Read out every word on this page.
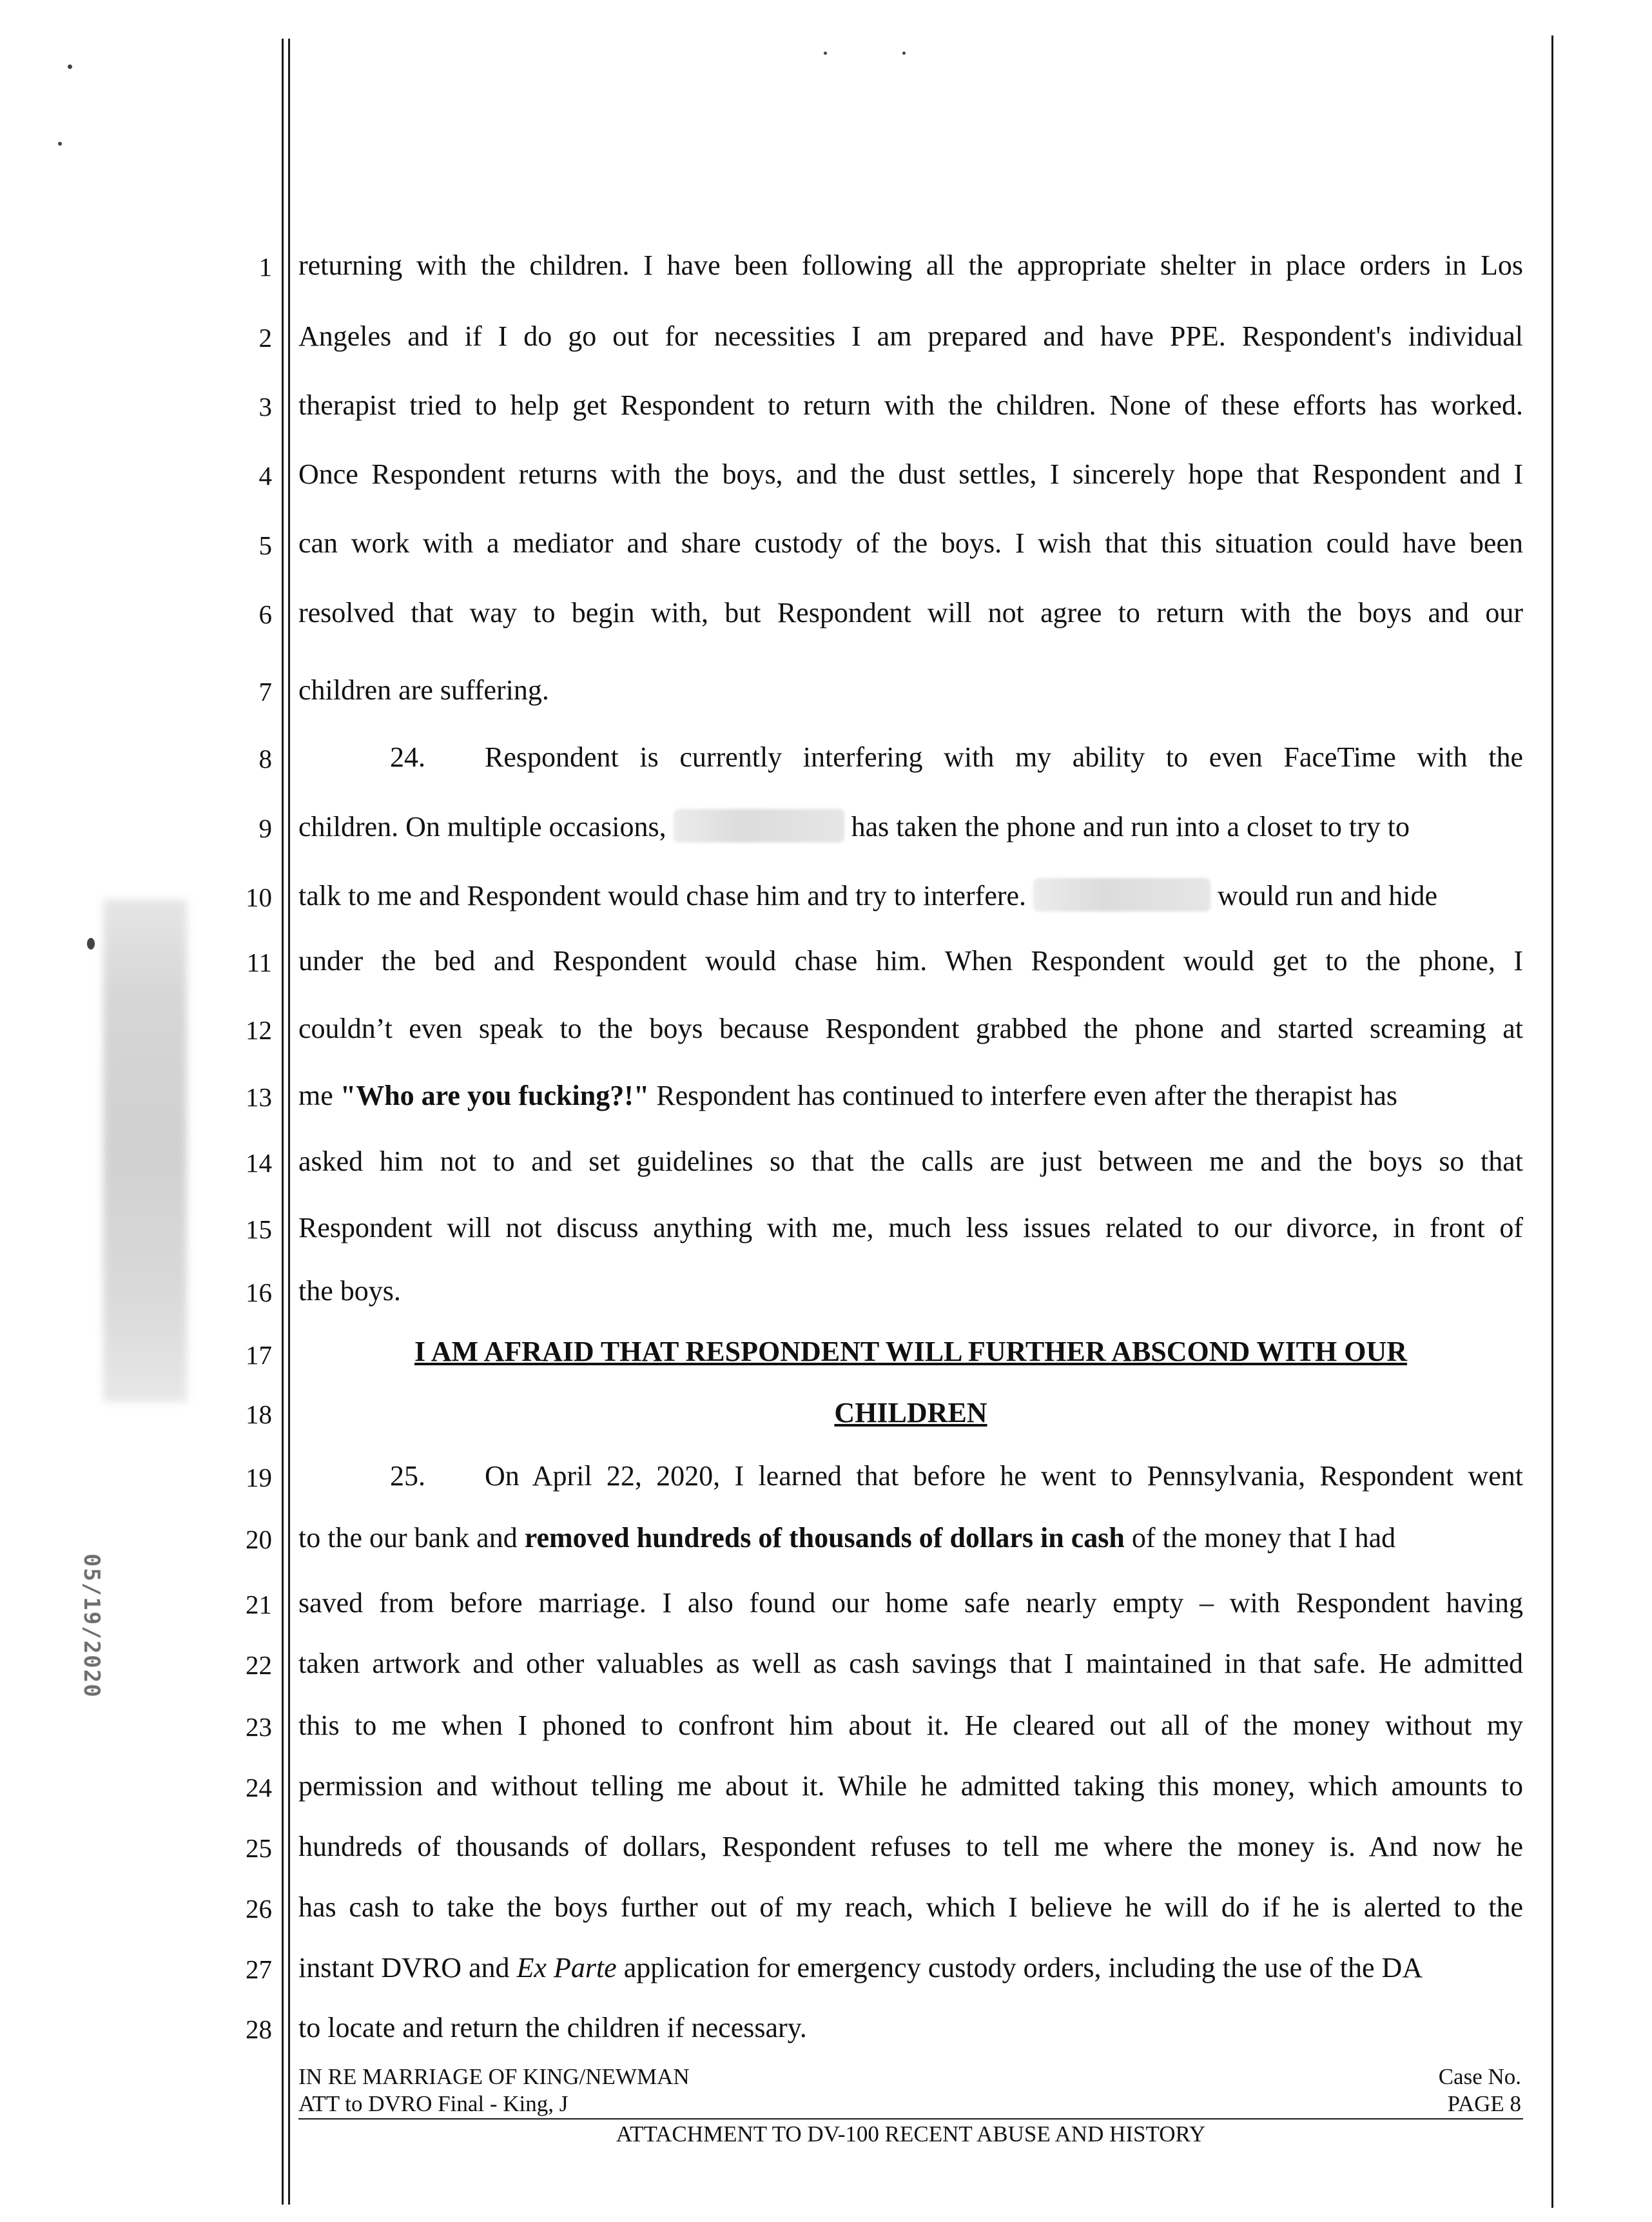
05/19/2020
1
2
3
4
5
6
7
8
9
10
11
12
13
14
15
16
17
18
19
20
21
22
23
24
25
26
27
28
returning with the children. I have been following all the appropriate shelter in place orders in Los
Angeles and if I do go out for necessities I am prepared and have PPE. Respondent's individual
therapist tried to help get Respondent to return with the children. None of these efforts has worked.
Once Respondent returns with the boys, and the dust settles, I sincerely hope that Respondent and I
can work with a mediator and share custody of the boys. I wish that this situation could have been
resolved that way to begin with, but Respondent will not agree to return with the boys and our
children are suffering.
24.	Respondent is currently interfering with my ability to even FaceTime with the
children. On multiple occasions,	has taken the phone and run into a closet to try to
talk to me and Respondent would chase him and try to interfere.	would run and hide
under the bed and Respondent would chase him. When Respondent would get to the phone, I
couldn’t even speak to the boys because Respondent grabbed the phone and started screaming at
me "Who are you fucking?!" Respondent has continued to interfere even after the therapist has
asked him not to and set guidelines so that the calls are just between me and the boys so that
Respondent will not discuss anything with me, much less issues related to our divorce, in front of
the boys.
I AM AFRAID THAT RESPONDENT WILL FURTHER ABSCOND WITH OUR
CHILDREN
25.	On April 22, 2020, I learned that before he went to Pennsylvania, Respondent went
to the our bank and removed hundreds of thousands of dollars in cash of the money that I had
saved from before marriage. I also found our home safe nearly empty – with Respondent having
taken artwork and other valuables as well as cash savings that I maintained in that safe. He admitted
this to me when I phoned to confront him about it. He cleared out all of the money without my
permission and without telling me about it. While he admitted taking this money, which amounts to
hundreds of thousands of dollars, Respondent refuses to tell me where the money is. And now he
has cash to take the boys further out of my reach, which I believe he will do if he is alerted to the
instant DVRO and Ex Parte application for emergency custody orders, including the use of the DA
to locate and return the children if necessary.
IN RE MARRIAGE OF KING/NEWMAN
ATT to DVRO Final - King, J
Case No.
PAGE 8
ATTACHMENT TO DV-100 RECENT ABUSE AND HISTORY
